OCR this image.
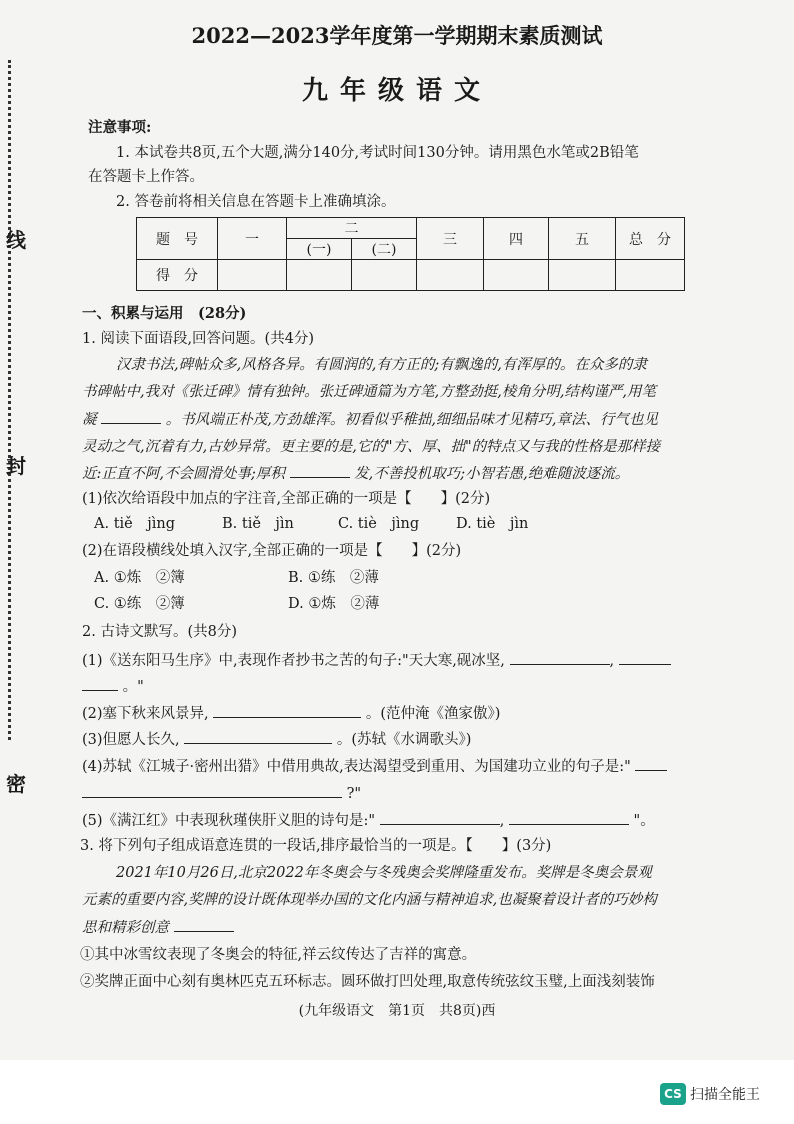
线
封
密
2022—2023学年度第一学期期末素质测试
九年级语文
注意事项:
1. 本试卷共8页,五个大题,满分140分,考试时间130分钟。请用黑色水笔或2B铅笔
在答题卡上作答。
2. 答卷前将相关信息在答题卡上准确填涂。
题　号	一	二		三	四	五	总　分
		(一)	(二)				
得　分							
一、积累与运用　(28分)
1. 阅读下面语段,回答问题。(共4分)
汉隶书法,碑帖众多,风格各异。有圆润的,有方正的;有飘逸的,有浑厚的。在众多的隶
书碑帖中,我对《张迁碑》情有独钟。张迁碑通篇为方笔,方整劲挺,棱角分明,结构谨严,用笔
凝	。书风端正朴茂,方劲雄浑。初看似乎稚拙,细细品味才见精巧,章法、行气也见
灵动之气,沉着有力,古妙异常。更主要的是,它的"方、厚、拙"的特点又与我的性格是那样接
近:正直不阿,不会圆滑处事;厚积	发,不善投机取巧;小智若愚,绝难随波逐流。
(1)依次给语段中加点的字注音,全部正确的一项是【　　】(2分)
A. tiě　jìng	B. tiě　jìn	C. tiè　jìng	D. tiè　jìn
(2)在语段横线处填入汉字,全部正确的一项是【　　】(2分)
A. ①炼　②簿	B. ①练　②薄
C. ①练　②簿	D. ①炼　②薄
2. 古诗文默写。(共8分)
(1)《送东阳马生序》中,表现作者抄书之苦的句子:"天大寒,砚冰坚,	,
。"
(2)塞下秋来风景异,	。(范仲淹《渔家傲》)
(3)但愿人长久,	。(苏轼《水调歌头》)
(4)苏轼《江城子·密州出猎》中借用典故,表达渴望受到重用、为国建功立业的句子是:"
?"
(5)《满江红》中表现秋瑾侠肝义胆的诗句是:"	,	"。
3. 将下列句子组成语意连贯的一段话,排序最恰当的一项是。【　　】(3分)
2021年10月26日,北京2022年冬奥会与冬残奥会奖牌隆重发布。奖牌是冬奥会景观
元素的重要内容,奖牌的设计既体现举办国的文化内涵与精神追求,也凝聚着设计者的巧妙构
思和精彩创意
①其中冰雪纹表现了冬奥会的特征,祥云纹传达了吉祥的寓意。
②奖牌正面中心刻有奥林匹克五环标志。圆环做打凹处理,取意传统弦纹玉璧,上面浅刻装饰
(九年级语文　第1页　共8页)西
CS 扫描全能王
